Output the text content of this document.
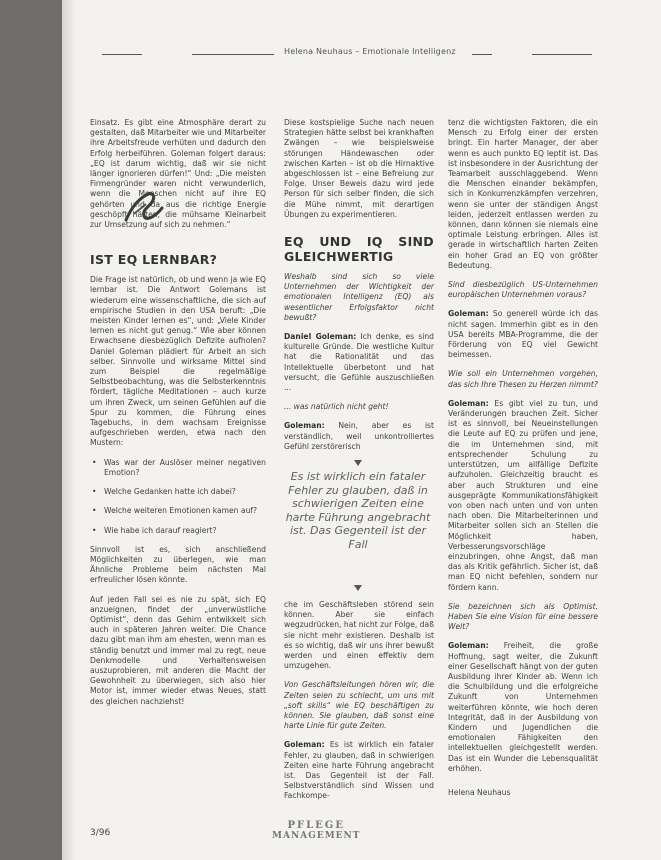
Helena Neuhaus – Emotionale Intelligenz

Einsatz. Es gibt eine Atmosphäre derart zu gestalten, daß Mitarbeiter wie und Mitarbeiter ihre Arbeitsfreude verhüten und dadurch den Erfolg herbeiführen. Goleman folgert daraus: „EQ ist darum wichtig, daß wir sie nicht länger ignorieren dürfen!“ Und: „Die meisten Firmengründer waren nicht verwunderlich, wenn die Menschen nicht auf ihre EQ gehörten und da aus die richtige Energie geschöpft hätten, die mühsame Kleinarbeit zur Umsetzung auf sich zu nehmen.“

IST EQ LERNBAR?

Die Frage ist natürlich, ob und wenn ja wie EQ lernbar ist. Die Antwort Golemans ist wiederum eine wissenschaftliche, die sich auf empirische Studien in den USA beruft: „Die meisten Kinder lernen es“, und: „Viele Kinder lernen es nicht gut genug.“ Wie aber können Erwachsene diesbezüglich Defizite aufholen? Daniel Goleman plädiert für Arbeit an sich selber. Sinnvolle und wirksame Mittel sind zum Beispiel die regelmäßige Selbstbeobachtung, was die Selbsterkenntnis fördert, tägliche Meditationen – auch kurze um ihren Zweck, um seinen Gefühlen auf die Spur zu kommen, die Führung eines Tagebuchs, in dem wachsam Ereignisse aufgeschrieben werden, etwa nach den Mustern:

• Was war der Auslöser meiner negativen Emotion?
• Welche Gedanken hatte ich dabei?
• Welche weiteren Emotionen kamen auf?
• Wie habe ich darauf reagiert?

Sinnvoll ist es, sich anschließend Möglichkeiten zu überlegen, wie man Ähnliche Probleme beim nächsten Mal erfreulicher lösen könnte.

Auf jeden Fall sei es nie zu spät, sich EQ anzueignen, findet der „unverwüstliche Optimist“, denn das Gehirn entwikkelt sich auch in späteren Jahren weiter. Die Chance dazu gibt man ihm am ehesten, wenn man es ständig benutzt und immer mal zu regt, neue Denkmodelle und Verhaltensweisen auszuprobieren, mit anderen die Macht der Gewohnheit zu überwiegen, sich also hier Motor ist, immer wieder etwas Neues, statt des gleichen nachziehst!

Diese kostspielige Suche nach neuen Strategien hätte selbst bei krankhaften Zwängen – wie beispielsweise störungen Händewaschen oder zwischen Karten – ist ob die Hirnaktive abgeschlossen ist – eine Befreiung zur Folge. Unser Beweis dazu wird jede Person für sich selber finden, die sich die Mühe nimmt, mit derartigen Übungen zu experimentieren.

EQ UND IQ SIND GLEICHWERTIG

Weshalb sind sich so viele Unternehmen der Wichtigkeit der emotionalen Intelligenz (EQ) als wesentlicher Erfolgsfaktor nicht bewußt?

Daniel Goleman: Ich denke, es sind kulturelle Gründe. Die westliche Kultur hat die Rationalität und das Intellektuelle überbetont und hat versucht, die Gefühle auszuschließen ...

... was natürlich nicht geht!

Goleman: Nein, aber es ist verständlich, weil unkontrolliertes Gefühl zerstörerisch

Es ist wirklich ein fataler Fehler zu glauben, daß in schwierigen Zeiten eine harte Führung angebracht ist. Das Gegenteil ist der Fall

che im Geschäftsleben störend sein können. Aber sie einfach wegzudrücken, hat nicht zur Folge, daß sie nicht mehr existieren. Deshalb ist es so wichtig, daß wir uns ihrer bewußt werden und einen effektiv dem umzugehen.

Von Geschäftsleitungen hören wir, die Zeiten seien zu schlecht, um uns mit „soft skills“ wie EQ beschäftigen zu können. Sie glauben, daß sonst eine harte Linie für gute Zeiten.

Goleman: Es ist wirklich ein fataler Fehler, zu glauben, daß in schwierigen Zeiten eine harte Führung angebracht ist. Das Gegenteil ist der Fall. Selbstverständlich sind Wissen und Fachkompe-

tenz die wichtigsten Faktoren, die ein Mensch zu Erfolg einer der ersten bringt. Ein harter Manager, der aber wenn es auch punkto EQ leptit ist. Das ist insbesondere in der Ausrichtung der Teamarbeit ausschlaggebend. Wenn die Menschen einander bekämpfen, sich in Konkurrenzkämpfen verzehren, wenn sie unter der ständigen Angst leiden, jederzeit entlassen werden zu können, dann können sie niemals eine optimale Leistung erbringen. Alles ist gerade in wirtschaftlich harten Zeiten ein hoher Grad an EQ von größter Bedeutung.

Sind diesbezüglich US-Unternehmen europäischen Unternehmen voraus?

Goleman: So generell würde ich das nicht sagen. Immerhin gibt es in den USA bereits MBA-Programme, die der Förderung von EQ viel Gewicht beimessen.

Wie soll ein Unternehmen vorgehen, das sich Ihre Thesen zu Herzen nimmt?

Goleman: Es gibt viel zu tun, und Veränderungen brauchen Zeit. Sicher ist es sinnvoll, bei Neueinstellungen die Leute auf EQ zu prüfen und jene, die im Unternehmen sind, mit entsprechender Schulung zu unterstützen, um allfällige Defizite aufzuholen. Gleichzeitig braucht es aber auch Strukturen und eine ausgeprägte Kommunikationsfähigkeit von oben nach unten und von unten nach oben. Die Mitarbeiterinnen und Mitarbeiter sollen sich an Stellen die Möglichkeit haben, Verbesserungsvorschläge einzubringen, ohne Angst, daß man das als Kritik gefährlich. Sicher ist, daß man EQ nicht befehlen, sondern nur fördern kann.

Sie bezeichnen sich als Optimist. Haben Sie eine Vision für eine bessere Welt?

Goleman: Freiheit, die große Hoffnung, sagt weiter, die Zukunft einer Gesellschaft hängt von der guten Ausbildung ihrer Kinder ab. Wenn ich die Schulbildung und die erfolgreiche Zukunft von Unternehmen weiterführen könnte, wie hoch deren Integrität, daß in der Ausbildung von Kindern und Jugendlichen die emotionalen Fähigkeiten den intellektuellen gleichgestellt werden. Das ist ein Wunder die Lebensqualität erhöhen.

Helena Neuhaus

3/96
PFLEGE
MANAGEMENT
